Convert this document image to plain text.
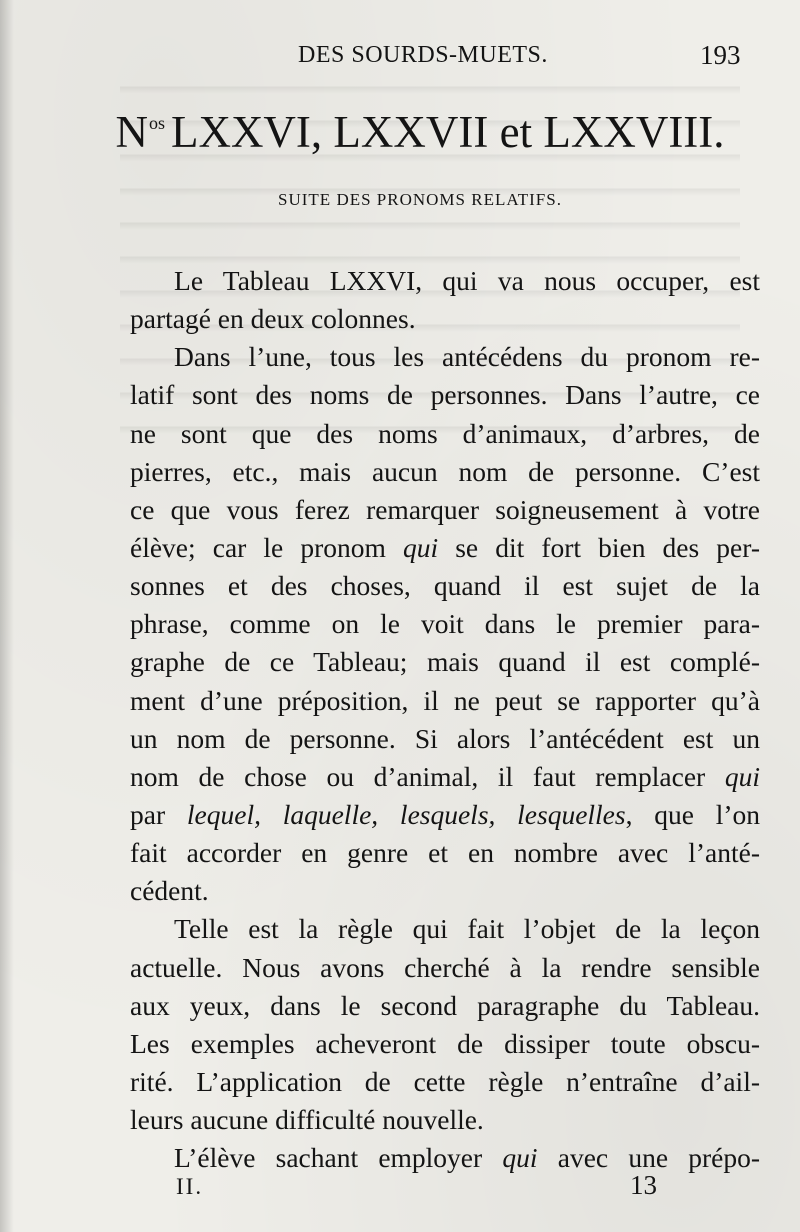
DES SOURDS-MUETS.	193
$N^{os}$ LXXVI, LXXVII et LXXVIII.
SUITE DES PRONOMS RELATIFS.
Le Tableau LXXVI, qui va nous occuper, est
partagé en deux colonnes.
Dans l’une, tous les antécédens du pronom re-
latif sont des noms de personnes. Dans l’autre, ce
ne sont que des noms d’animaux, d’arbres, de
pierres, etc., mais aucun nom de personne. C’est
ce que vous ferez remarquer soigneusement à votre
élève; car le pronom qui se dit fort bien des per-
sonnes et des choses, quand il est sujet de la
phrase, comme on le voit dans le premier para-
graphe de ce Tableau; mais quand il est complé-
ment d’une préposition, il ne peut se rapporter qu’à
un nom de personne. Si alors l’antécédent est un
nom de chose ou d’animal, il faut remplacer qui
par lequel, laquelle, lesquels, lesquelles, que l’on
fait accorder en genre et en nombre avec l’anté-
cédent.
Telle est la règle qui fait l’objet de la leçon
actuelle. Nous avons cherché à la rendre sensible
aux yeux, dans le second paragraphe du Tableau.
Les exemples acheveront de dissiper toute obscu-
rité. L’application de cette règle n’entraîne d’ail-
leurs aucune difficulté nouvelle.
L’élève sachant employer qui avec une prépo-
II.	13
